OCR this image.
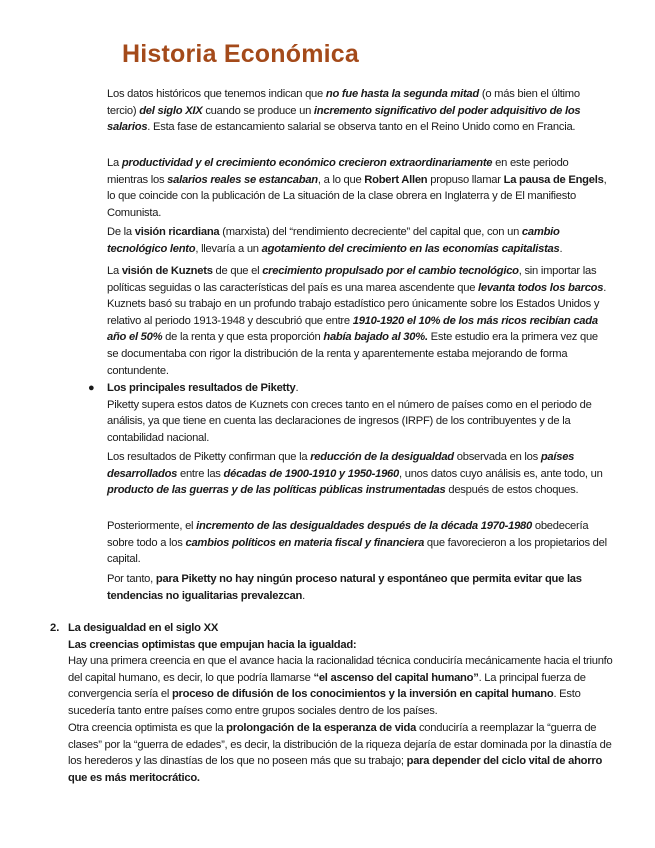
Historia Económica

Los datos históricos que tenemos indican que no fue hasta la segunda mitad (o más bien el último tercio) del siglo XIX cuando se produce un incremento significativo del poder adquisitivo de los salarios. Esta fase de estancamiento salarial se observa tanto en el Reino Unido como en Francia.

La productividad y el crecimiento económico crecieron extraordinariamente en este periodo mientras los salarios reales se estancaban, a lo que Robert Allen propuso llamar La pausa de Engels, lo que coincide con la publicación de La situación de la clase obrera en Inglaterra y de El manifiesto Comunista.

De la visión ricardiana (marxista) del “rendimiento decreciente” del capital que, con un cambio tecnológico lento, llevaría a un agotamiento del crecimiento en las economías capitalistas.

La visión de Kuznets de que el crecimiento propulsado por el cambio tecnológico, sin importar las políticas seguidas o las características del país es una marea ascendente que levanta todos los barcos. Kuznets basó su trabajo en un profundo trabajo estadístico pero únicamente sobre los Estados Unidos y relativo al periodo 1913-1948 y descubrió que entre 1910-1920 el 10% de los más ricos recibían cada año el 50% de la renta y que esta proporción había bajado al 30%. Este estudio era la primera vez que se documentaba con rigor la distribución de la renta y aparentemente estaba mejorando de forma contundente.

● Los principales resultados de Piketty.
Piketty supera estos datos de Kuznets con creces tanto en el número de países como en el periodo de análisis, ya que tiene en cuenta las declaraciones de ingresos (IRPF) de los contribuyentes y de la contabilidad nacional.

Los resultados de Piketty confirman que la reducción de la desigualdad observada en los países desarrollados entre las décadas de 1900-1910 y 1950-1960, unos datos cuyo análisis es, ante todo, un producto de las guerras y de las políticas públicas instrumentadas después de estos choques.

Posteriormente, el incremento de las desigualdades después de la década 1970-1980 obedecería sobre todo a los cambios políticos en materia fiscal y financiera que favorecieron a los propietarios del capital.

Por tanto, para Piketty no hay ningún proceso natural y espontáneo que permita evitar que las tendencias no igualitarias prevalezcan.

2. La desigualdad en el siglo XX
Las creencias optimistas que empujan hacia la igualdad:
Hay una primera creencia en que el avance hacia la racionalidad técnica conduciría mecánicamente hacia el triunfo del capital humano, es decir, lo que podría llamarse “el ascenso del capital humano”. La principal fuerza de convergencia sería el proceso de difusión de los conocimientos y la inversión en capital humano. Esto sucedería tanto entre países como entre grupos sociales dentro de los países.

Otra creencia optimista es que la prolongación de la esperanza de vida conduciría a reemplazar la “guerra de clases” por la “guerra de edades”, es decir, la distribución de la riqueza dejaría de estar dominada por la dinastía de los herederos y las dinastías de los que no poseen más que su trabajo; para depender del ciclo vital de ahorro que es más meritocrático.
